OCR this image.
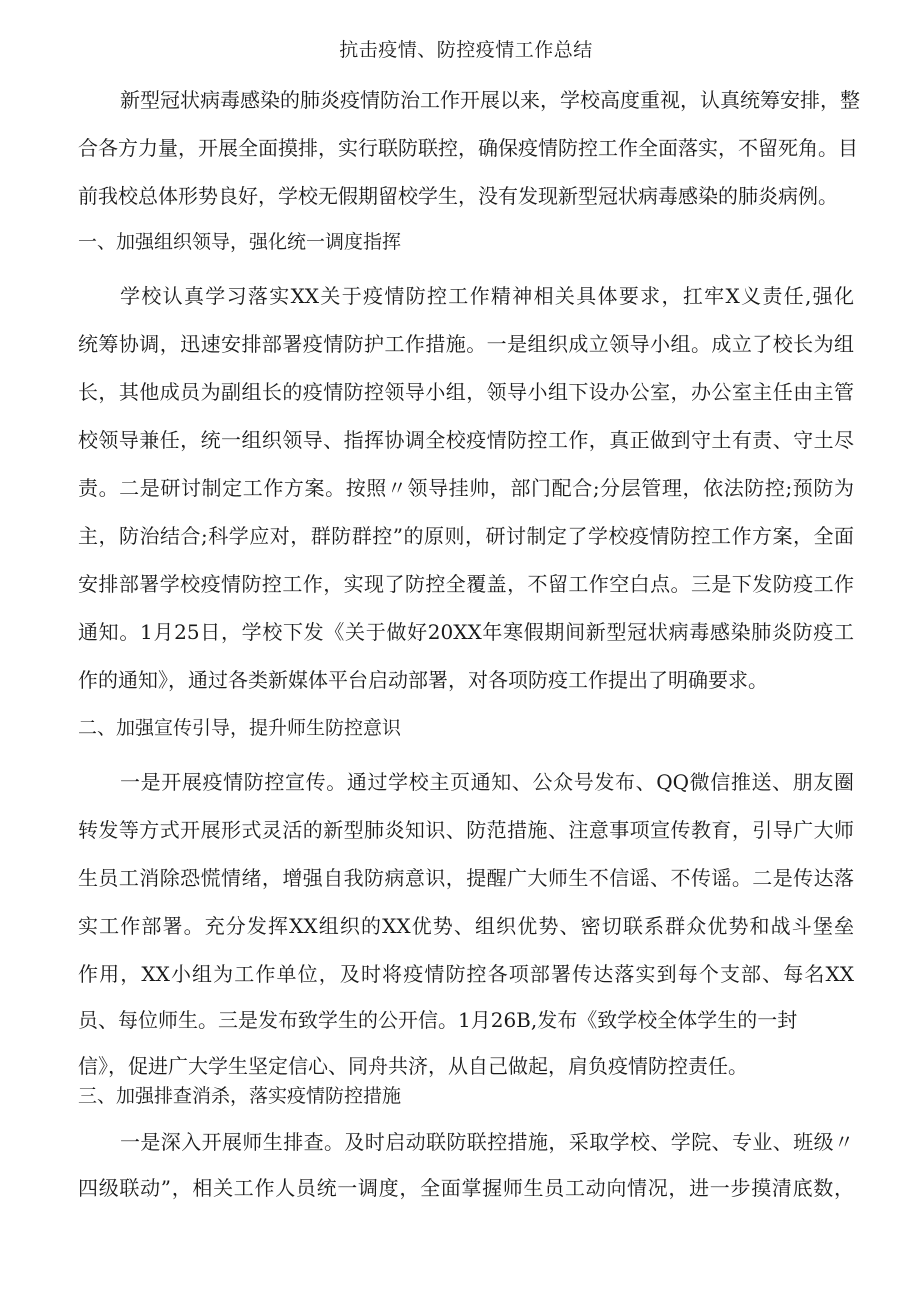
抗击疫情、防控疫情工作总结
新型冠状病毒感染的肺炎疫情防治工作开展以来，学校高度重视，认真统筹安排，整
合各方力量，开展全面摸排，实行联防联控，确保疫情防控工作全面落实，不留死角。目
前我校总体形势良好，学校无假期留校学生，没有发现新型冠状病毒感染的肺炎病例。
一、加强组织领导，强化统一调度指挥
学校认真学习落实XX关于疫情防控工作精神相关具体要求，扛牢X义责任,强化
统筹协调，迅速安排部署疫情防护工作措施。一是组织成立领导小组。成立了校长为组
长，其他成员为副组长的疫情防控领导小组，领导小组下设办公室，办公室主任由主管
校领导兼任，统一组织领导、指挥协调全校疫情防控工作，真正做到守土有责、守土尽
责。二是研讨制定工作方案。按照〃领导挂帅，部门配合;分层管理，依法防控;预防为
主，防治结合;科学应对，群防群控”的原则，研讨制定了学校疫情防控工作方案，全面
安排部署学校疫情防控工作，实现了防控全覆盖，不留工作空白点。三是下发防疫工作
通知。1月25日，学校下发《关于做好20XX年寒假期间新型冠状病毒感染肺炎防疫工
作的通知》，通过各类新媒体平台启动部署，对各项防疫工作提出了明确要求。
二、加强宣传引导，提升师生防控意识
一是开展疫情防控宣传。通过学校主页通知、公众号发布、QQ微信推送、朋友圈
转发等方式开展形式灵活的新型肺炎知识、防范措施、注意事项宣传教育，引导广大师
生员工消除恐慌情绪，增强自我防病意识，提醒广大师生不信谣、不传谣。二是传达落
实工作部署。充分发挥XX组织的XX优势、组织优势、密切联系群众优势和战斗堡垒
作用，XX小组为工作单位，及时将疫情防控各项部署传达落实到每个支部、每名XX
员、每位师生。三是发布致学生的公开信。1月26B,发布《致学校全体学生的一封
信》，促进广大学生坚定信心、同舟共济，从自己做起，肩负疫情防控责任。
三、加强排查消杀，落实疫情防控措施
一是深入开展师生排查。及时启动联防联控措施，采取学校、学院、专业、班级〃
四级联动”，相关工作人员统一调度，全面掌握师生员工动向情况，进一步摸清底数，
